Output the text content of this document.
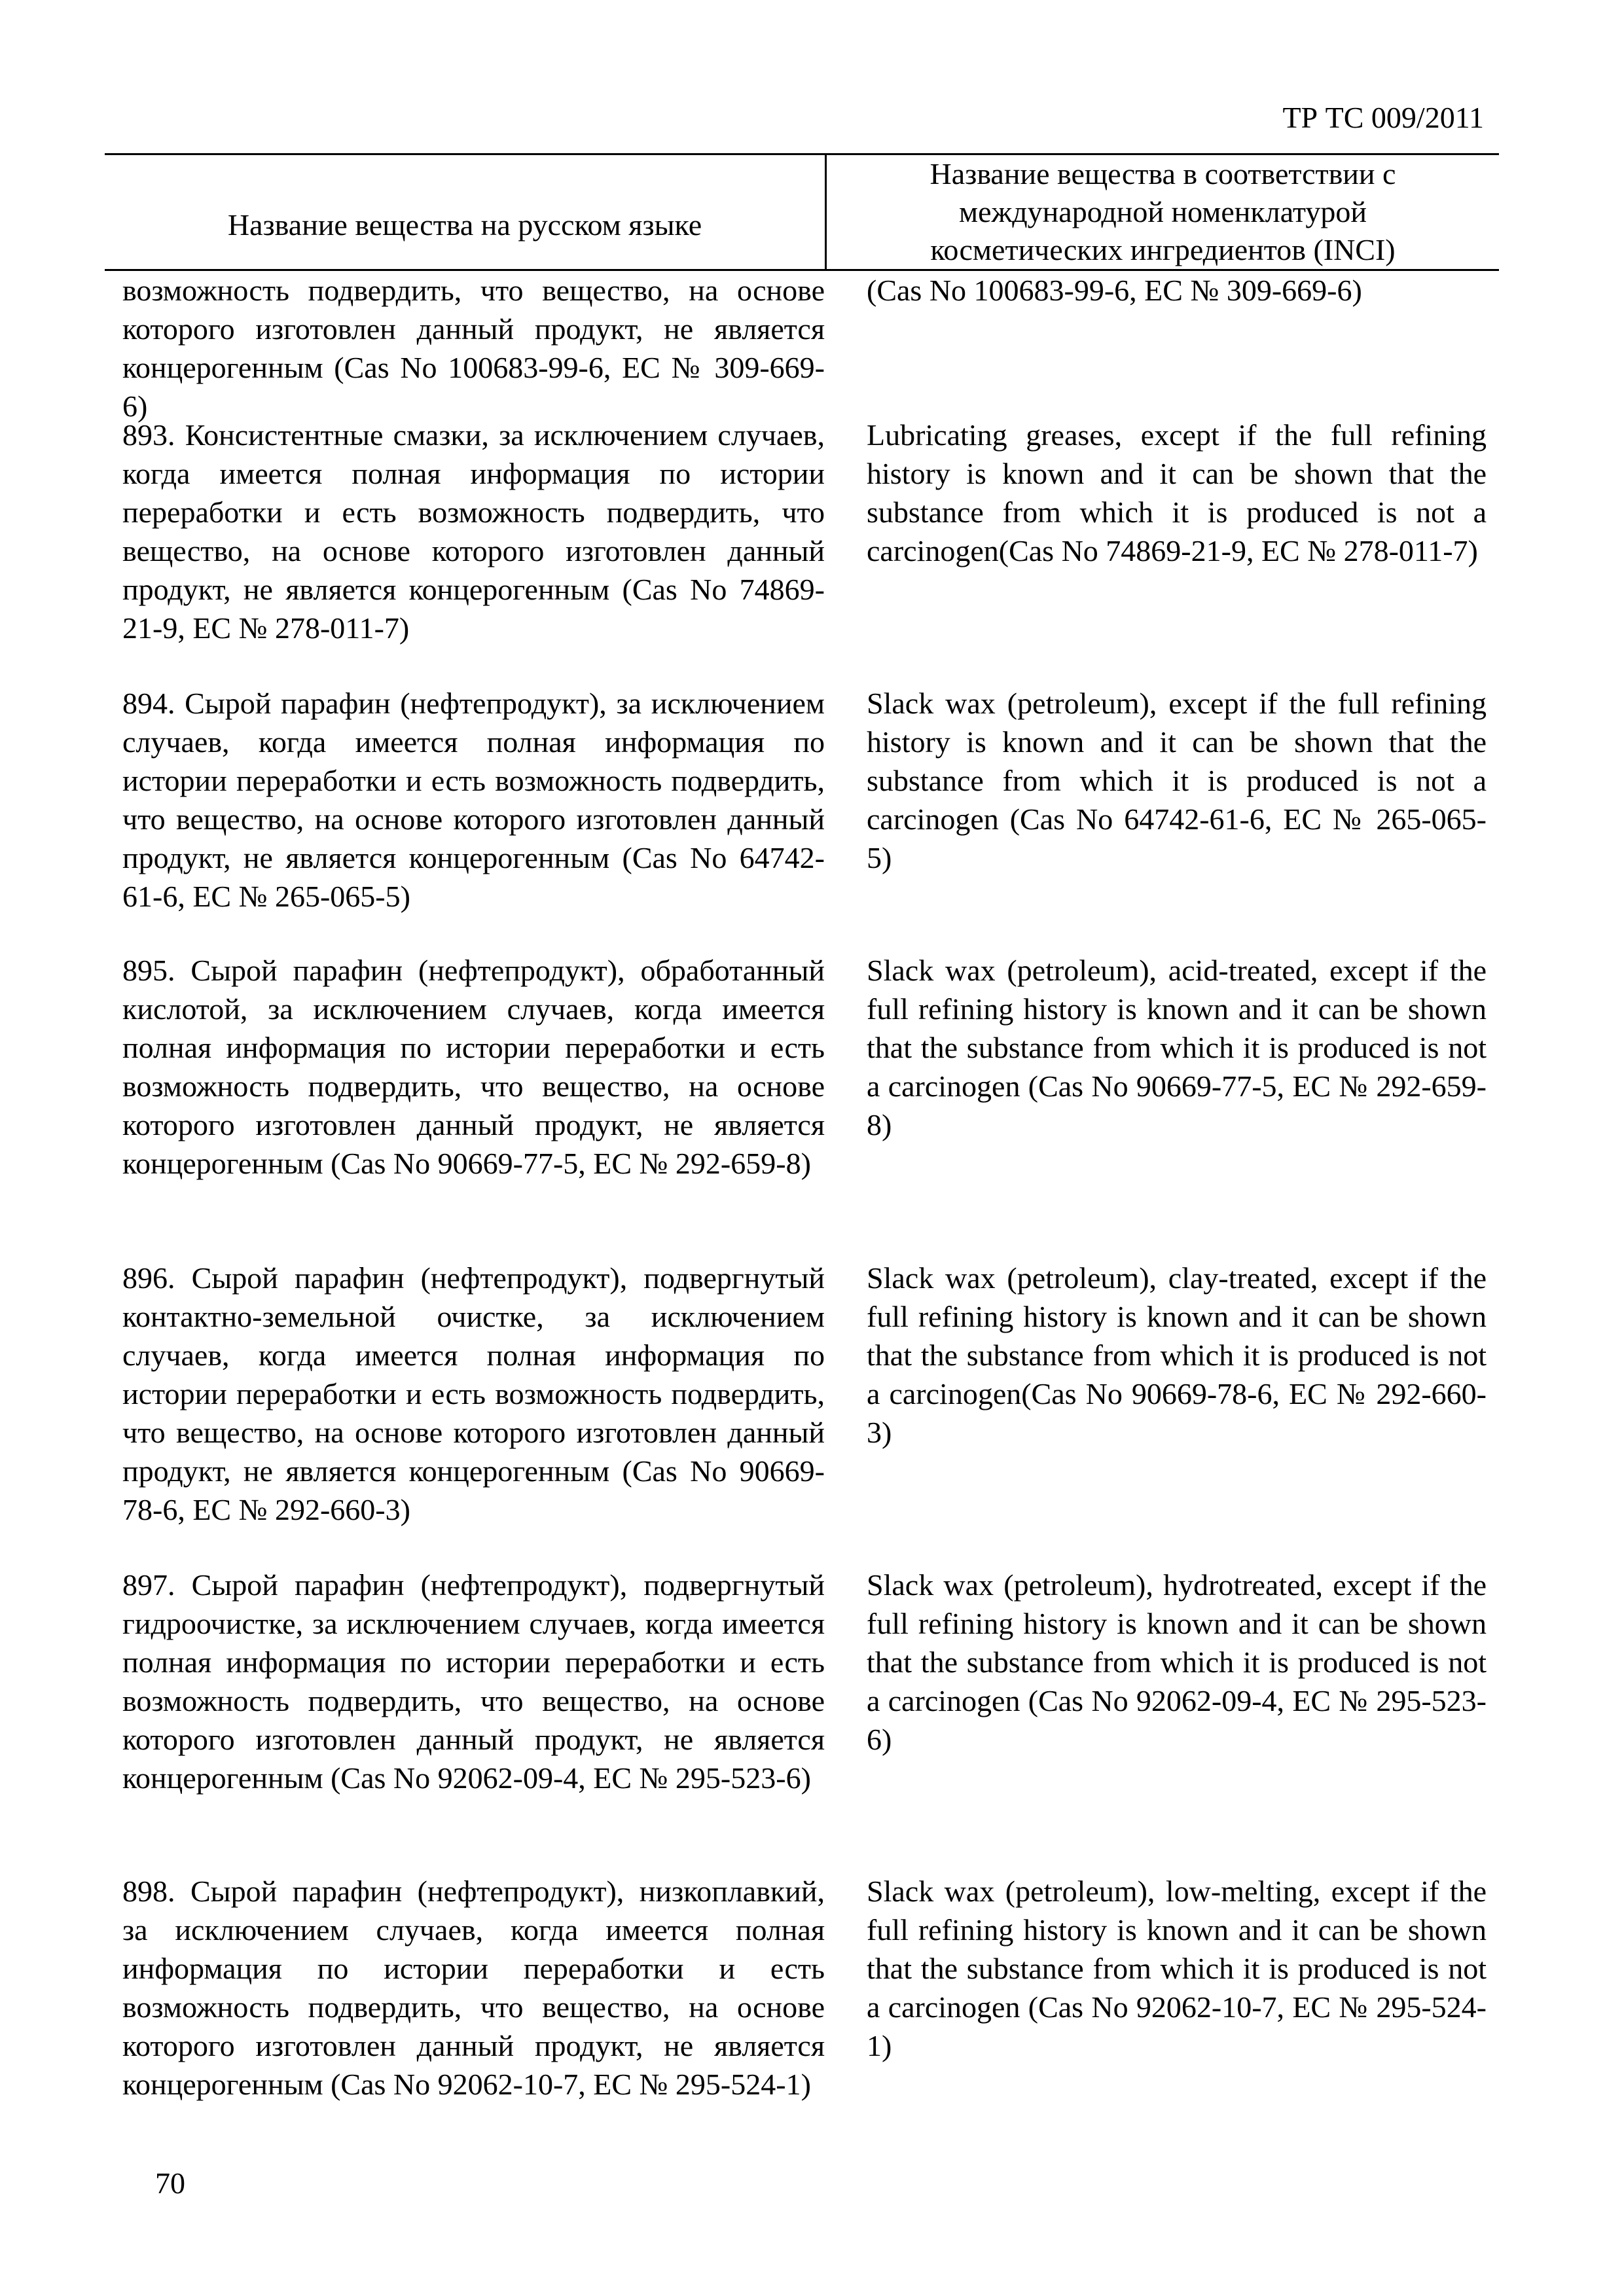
ТР ТС 009/2011
Название вещества на русском языке
Название вещества в соответствии с международной номенклатурой косметических ингредиентов (INCI)
возможность подвердить, что вещество, на основе которого изготовлен данный продукт, не является концерогенным (Cas No 100683-99-6, ЕС № 309-669-6)
(Cas No 100683-99-6, ЕС № 309-669-6)
893. Консистентные смазки, за исключением случаев, когда имеется полная информация по истории переработки и есть возможность подвердить, что вещество, на основе которого изготовлен данный продукт, не является концерогенным (Cas No 74869-21-9, ЕС № 278-011-7)
Lubricating greases, except if the full refining history is known and it can be shown that the substance from which it is produced is not a carcinogen(Cas No 74869-21-9, ЕС № 278-011-7)
894. Сырой парафин (нефтепродукт), за исключением случаев, когда имеется полная информация по истории переработки и есть возможность подвердить, что вещество, на основе которого изготовлен данный продукт, не является концерогенным (Cas No 64742-61-6, ЕС № 265-065-5)
Slack wax (petroleum), except if the full refining history is known and it can be shown that the substance from which it is produced is not a carcinogen (Cas No 64742-61-6, ЕС № 265-065-5)
895. Сырой парафин (нефтепродукт), обработанный кислотой, за исключением случаев, когда имеется полная информация по истории переработки и есть возможность подвердить, что вещество, на основе которого изготовлен данный продукт, не является концерогенным (Cas No 90669-77-5, ЕС № 292-659-8)
Slack wax (petroleum), acid-treated, except if the full refining history is known and it can be shown that the substance from which it is produced is not a carcinogen (Cas No 90669-77-5, ЕС № 292-659-8)
896. Сырой парафин (нефтепродукт), подвергнутый контактно-земельной очистке, за исключением случаев, когда имеется полная информация по истории переработки и есть возможность подвердить, что вещество, на основе которого изготовлен данный продукт, не является концерогенным (Cas No 90669-78-6, ЕС № 292-660-3)
Slack wax (petroleum), clay-treated, except if the full refining history is known and it can be shown that the substance from which it is produced is not a carcinogen(Cas No 90669-78-6, ЕС № 292-660-3)
897. Сырой парафин (нефтепродукт), подвергнутый гидроочистке, за исключением случаев, когда имеется полная информация по истории переработки и есть возможность подвердить, что вещество, на основе которого изготовлен данный продукт, не является концерогенным (Cas No 92062-09-4, ЕС № 295-523-6)
Slack wax (petroleum), hydrotreated, except if the full refining history is known and it can be shown that the substance from which it is produced is not a carcinogen (Cas No 92062-09-4, ЕС № 295-523-6)
898. Сырой парафин (нефтепродукт), низкоплавкий, за исключением случаев, когда имеется полная информация по истории переработки и есть возможность подвердить, что вещество, на основе которого изготовлен данный продукт, не является концерогенным (Cas No 92062-10-7, ЕС № 295-524-1)
Slack wax (petroleum), low-melting, except if the full refining history is known and it can be shown that the substance from which it is produced is not a carcinogen (Cas No 92062-10-7, ЕС № 295-524-1)
70
